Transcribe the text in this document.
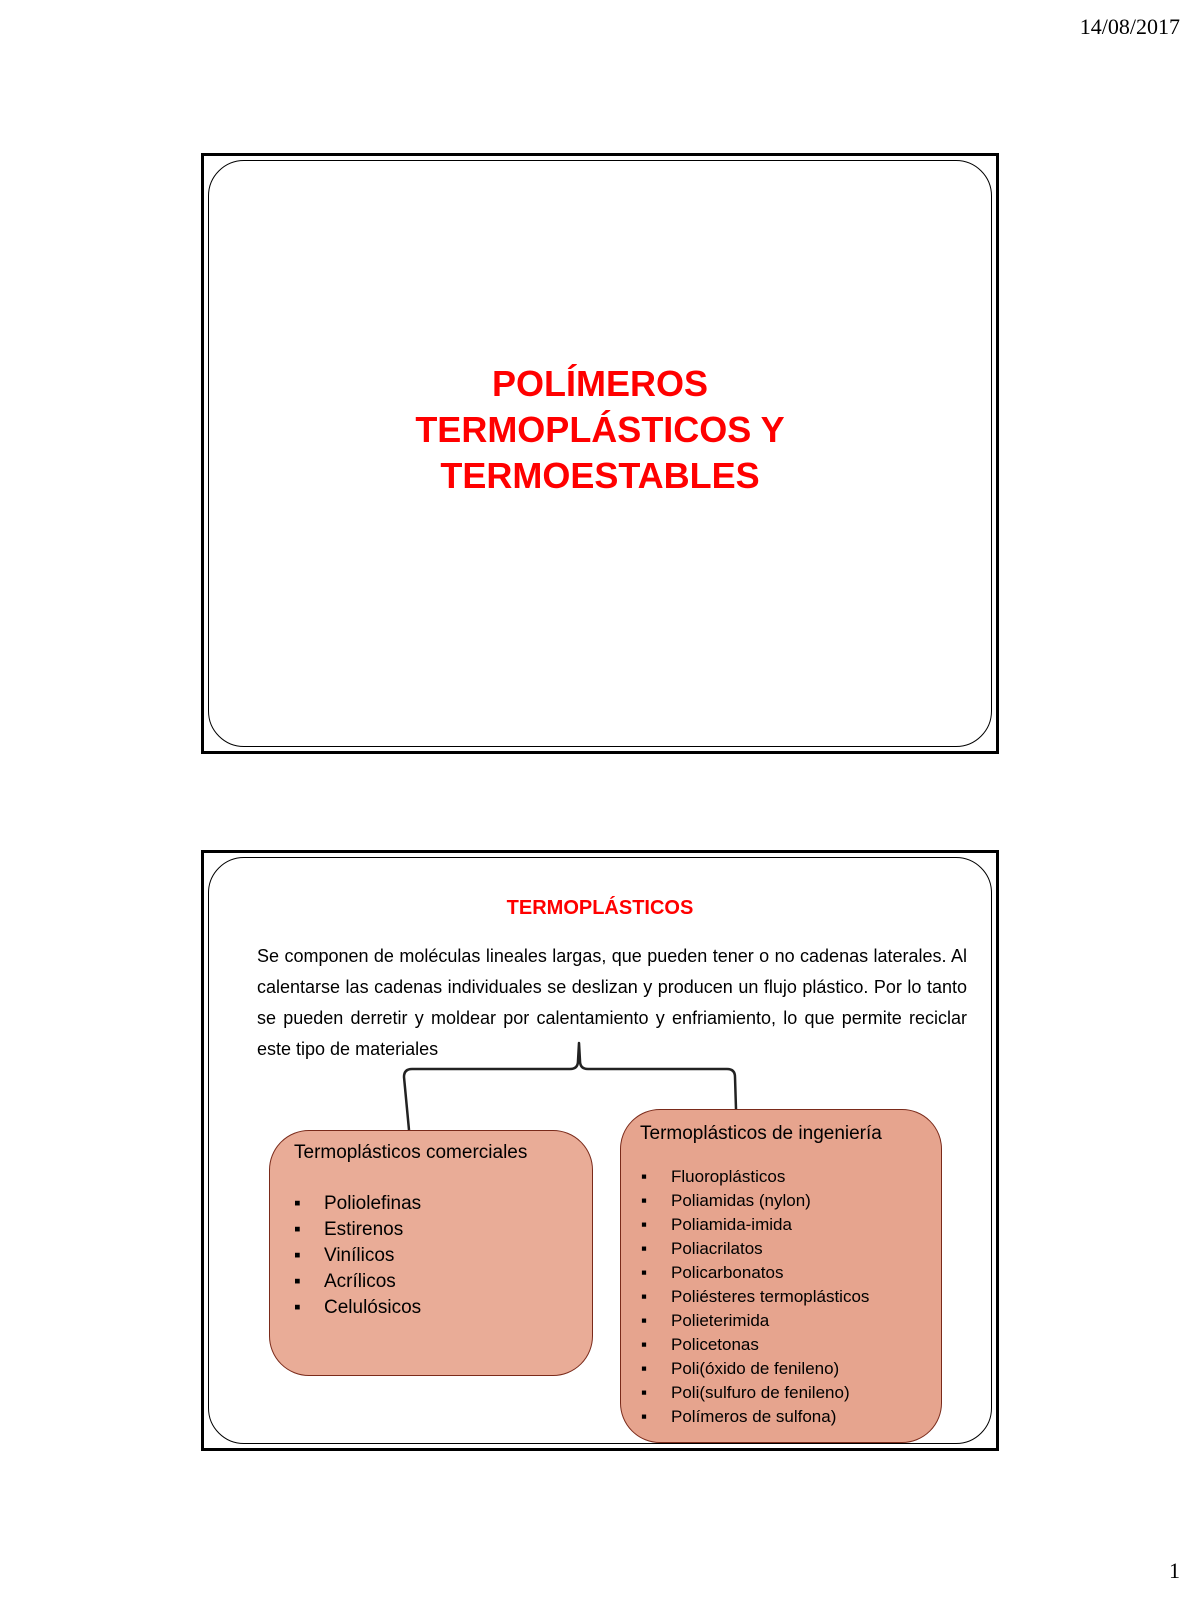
14/08/2017
POLÍMEROS
TERMOPLÁSTICOS Y
TERMOESTABLES
TERMOPLÁSTICOS
Se componen de moléculas lineales largas, que pueden tener o no cadenas laterales. Al calentarse las cadenas individuales se deslizan y producen un flujo plástico. Por lo tanto se pueden derretir y moldear por calentamiento y enfriamiento, lo que permite reciclar este tipo de materiales
Termoplásticos comerciales
▪ Poliolefinas
▪ Estirenos
▪ Vinílicos
▪ Acrílicos
▪ Celulósicos
Termoplásticos de ingeniería
▪ Fluoroplásticos
▪ Poliamidas (nylon)
▪ Poliamida-imida
▪ Poliacrilatos
▪ Policarbonatos
▪ Poliésteres termoplásticos
▪ Polieterimida
▪ Policetonas
▪ Poli(óxido de fenileno)
▪ Poli(sulfuro de fenileno)
▪ Polímeros de sulfona)
1
